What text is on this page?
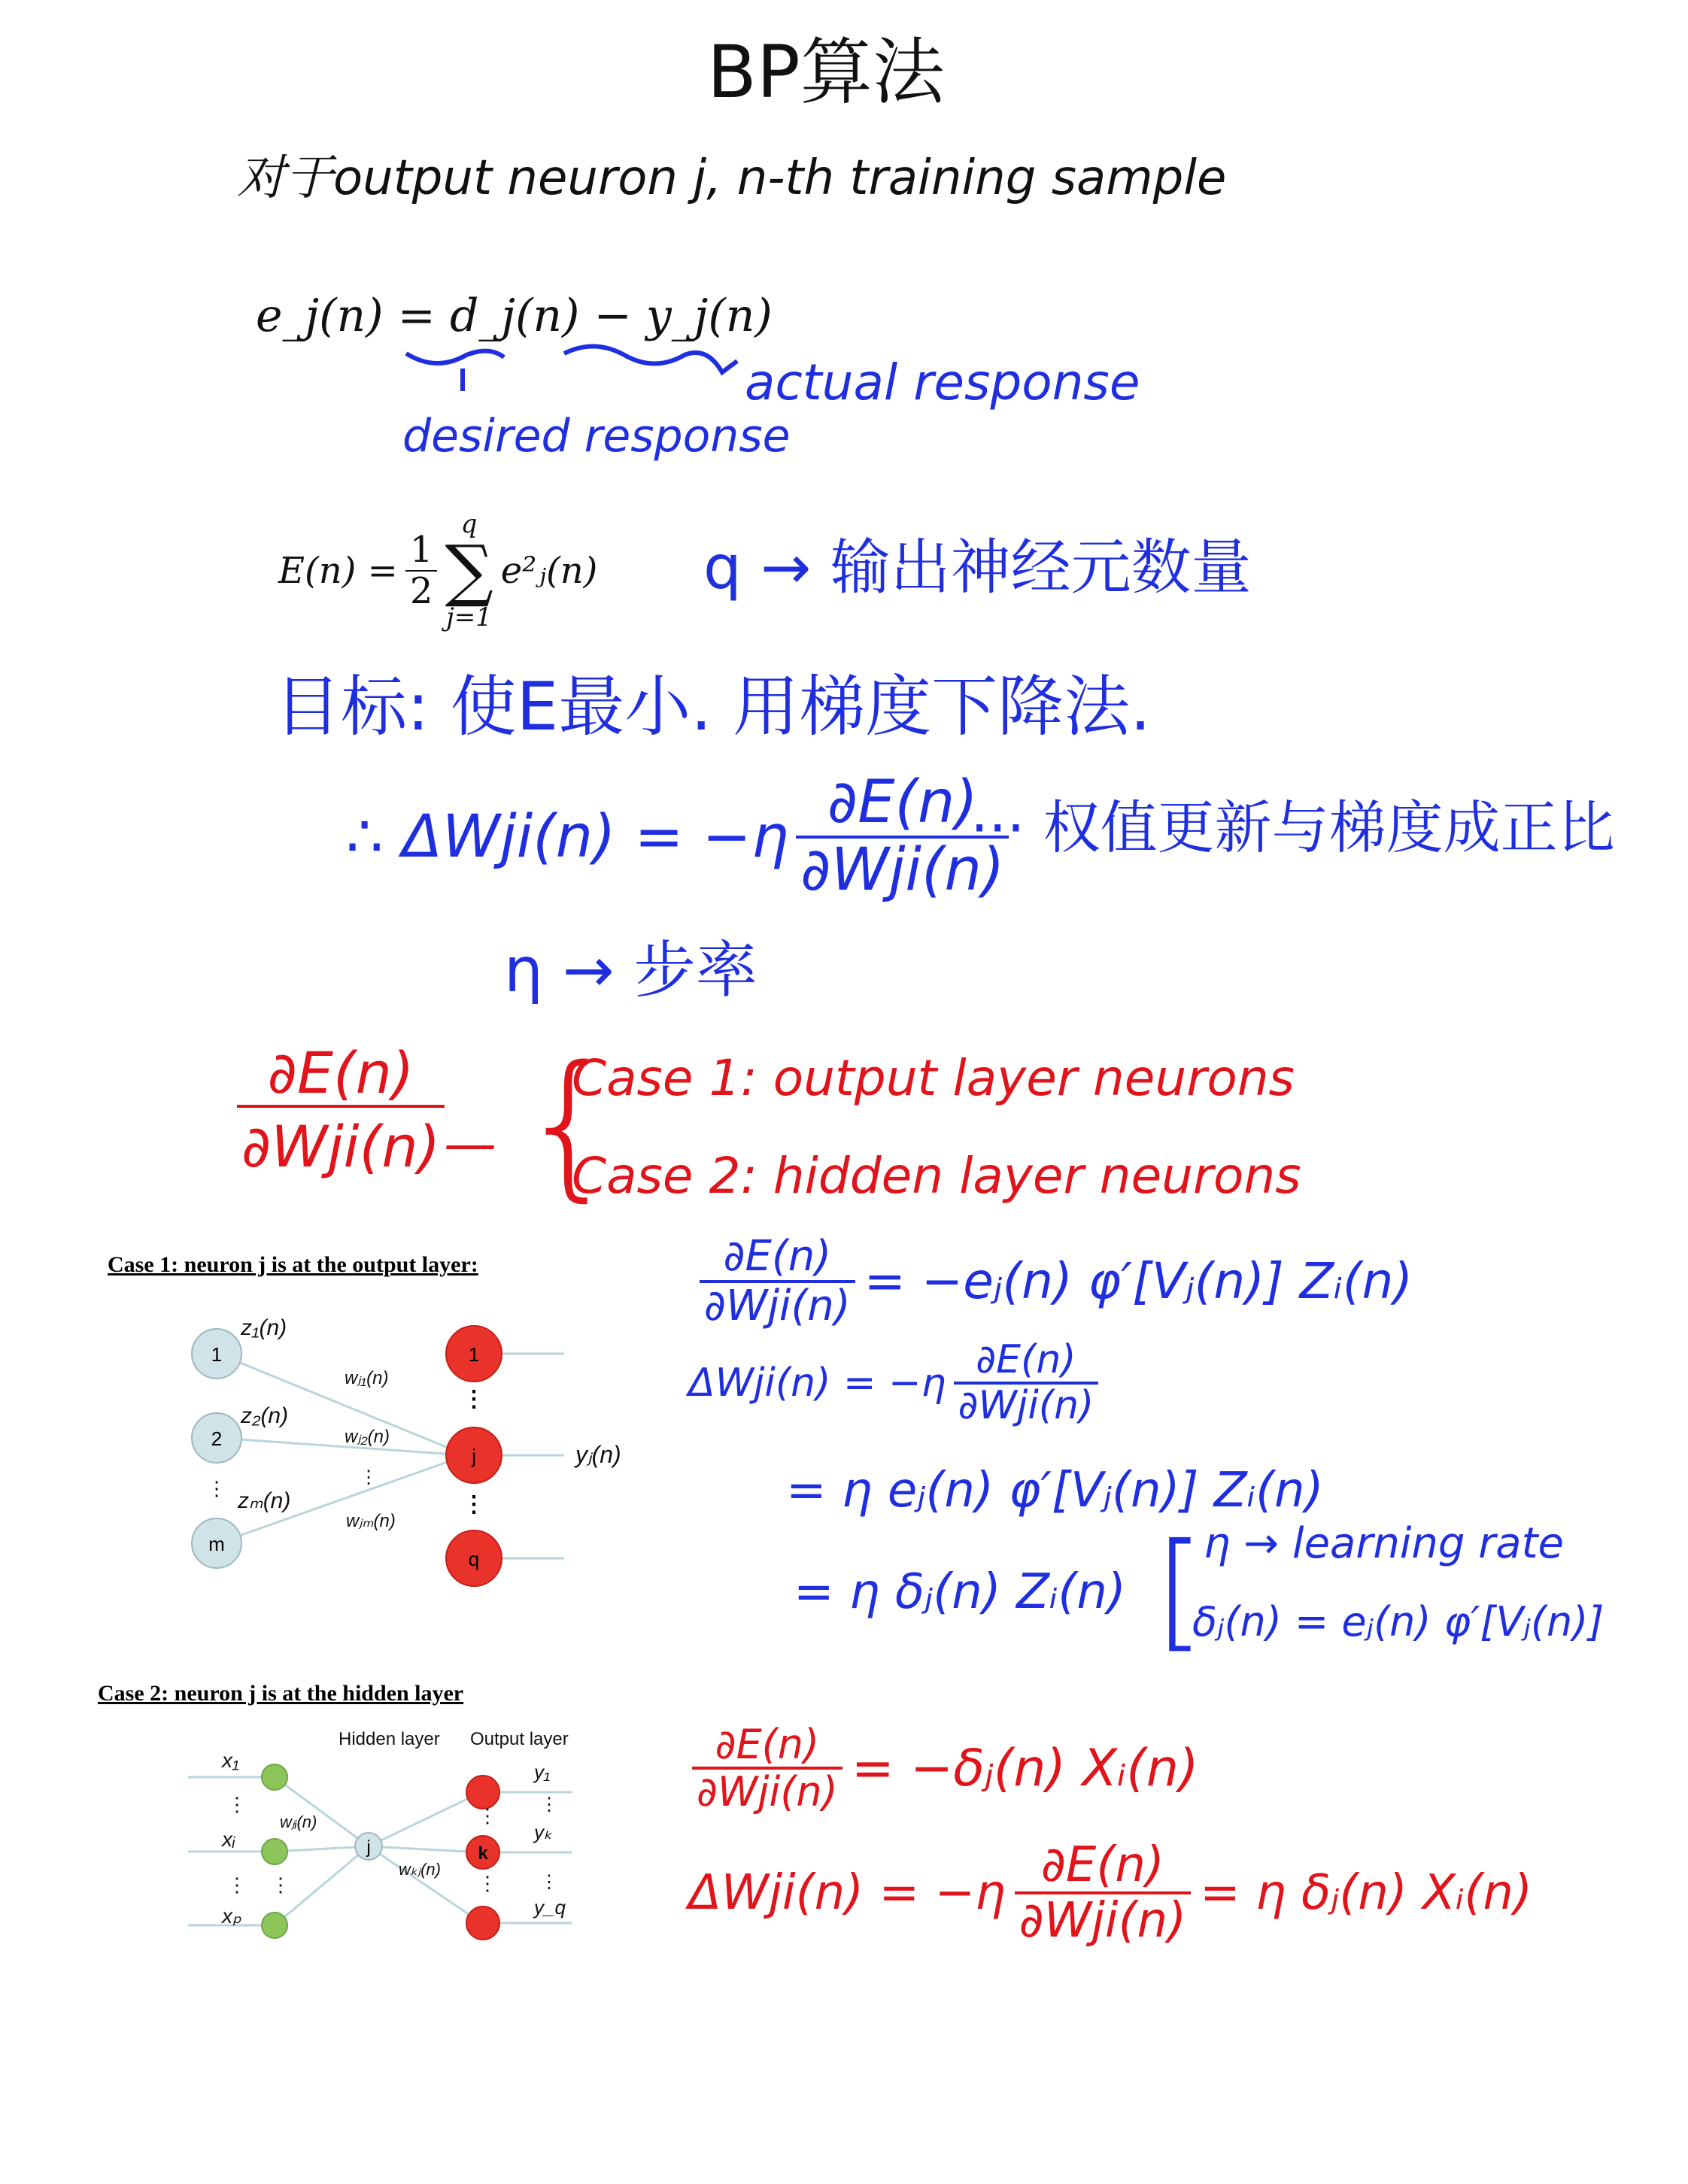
BP算法
对于output neuron j, n-th training sample
e_j(n) = d_j(n) − y_j(n)
desired response
actual response
$E(n) = \frac{1}{2}$
q
∑
j=1
e²ⱼ(n) q → 输出神经元数量
目标: 使E最小. 用梯度下降法.
∴ $\Delta Wji(n) = -\eta \frac{\partial E(n)}{\text{∂Wji(n)}}$
··· 权值更新与梯度成正比
η → 步率
$\frac{\partial E(n)}{\text{∂Wji(n)}}$
— {
Case 1: output layer neurons
Case 2: hidden layer neurons
Case 1: neuron j is at the output layer:
1
2
⋮
m
1
⋮
j
⋮
q
z₁(n)
z₂(n)
zₘ(n)
wⱼ₁(n)
wⱼ₂(n)
⋮
wⱼₘ(n)
yⱼ(n)
$\frac{\partial E(n)}{\text{∂Wji(n)}}$ = −eⱼ(n) φ′[Vⱼ(n)] Zᵢ(n)
$\Delta Wji(n) = -\eta \frac{\partial E(n)}{\text{∂Wji(n)}}$
= η eⱼ(n) φ′[Vⱼ(n)] Zᵢ(n)
= η δⱼ(n) Zᵢ(n) [
η → learning rate
δⱼ(n) = eⱼ(n) φ′[Vⱼ(n)]
Case 2: neuron j is at the hidden layer
Hidden layer Output layer
j	k
x₁
⋮
xᵢ
⋮
xₚ
⋮
wⱼᵢ(n)
wₖⱼ(n)
⋮
⋮
y₁
⋮
yₖ
⋮
y_q
$\frac{\partial E(n)}{\text{∂Wji(n)}}$ = −δⱼ(n) Xᵢ(n)
$\Delta Wji(n) = -\eta \frac{\partial E(n)}{\text{∂Wji(n)}} = \eta$ δⱼ(n) Xᵢ(n)
